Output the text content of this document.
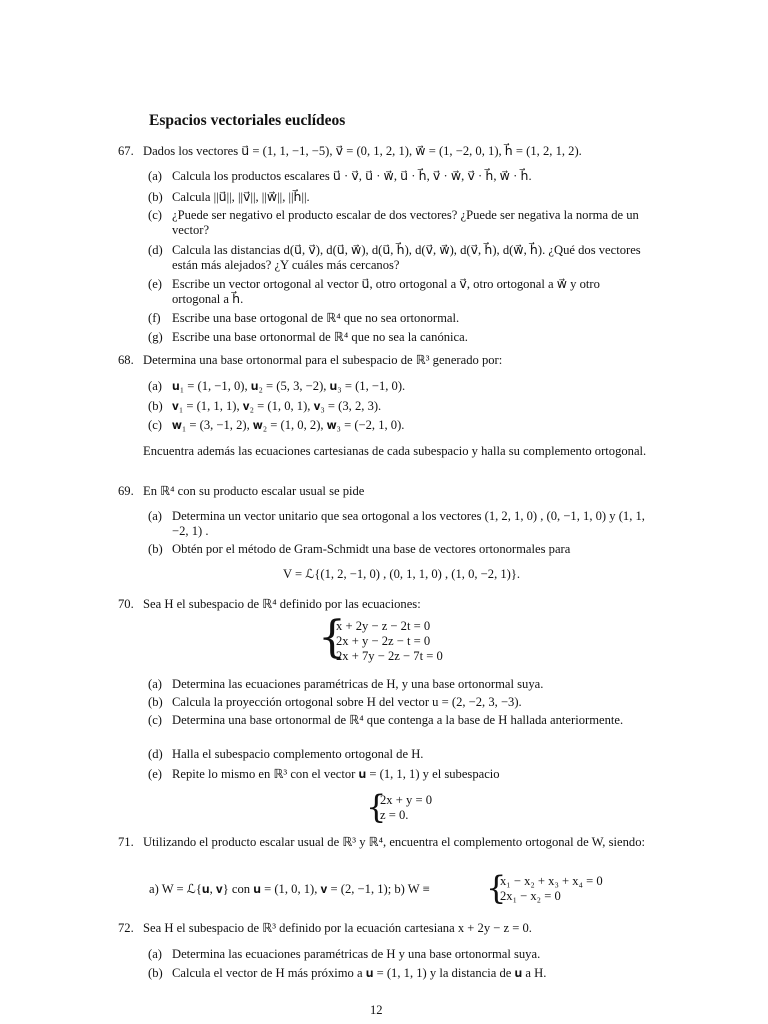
Espacios vectoriales euclídeos
67. Dados los vectores u⃗ = (1, 1, −1, −5), v⃗ = (0, 1, 2, 1), w⃗ = (1, −2, 0, 1), h⃗ = (1, 2, 1, 2).
(a) Calcula los productos escalares u⃗ · v⃗, u⃗ · w⃗, u⃗ · h⃗, v⃗ · w⃗, v⃗ · h⃗, w⃗ · h⃗.
(b) Calcula ||u⃗||, ||v⃗||, ||w⃗||, ||h⃗||.
(c) ¿Puede ser negativo el producto escalar de dos vectores? ¿Puede ser negativa la norma de un vector?
(d) Calcula las distancias d(u⃗, v⃗), d(u⃗, w⃗), d(u⃗, h⃗), d(v⃗, w⃗), d(v⃗, h⃗), d(w⃗, h⃗). ¿Qué dos vectores están más alejados? ¿Y cuáles más cercanos?
(e) Escribe un vector ortogonal al vector u⃗, otro ortogonal a v⃗, otro ortogonal a w⃗ y otro ortogonal a h⃗.
(f) Escribe una base ortogonal de ℝ⁴ que no sea ortonormal.
(g) Escribe una base ortonormal de ℝ⁴ que no sea la canónica.
68. Determina una base ortonormal para el subespacio de ℝ³ generado por:
(a) 𝐮₁ = (1, −1, 0), 𝐮₂ = (5, 3, −2), 𝐮₃ = (1, −1, 0).
(b) 𝐯₁ = (1, 1, 1), 𝐯₂ = (1, 0, 1), 𝐯₃ = (3, 2, 3).
(c) 𝐰₁ = (3, −1, 2), 𝐰₂ = (1, 0, 2), 𝐰₃ = (−2, 1, 0).
Encuentra además las ecuaciones cartesianas de cada subespacio y halla su complemento ortogonal.
69. En ℝ⁴ con su producto escalar usual se pide
(a) Determina un vector unitario que sea ortogonal a los vectores (1, 2, 1, 0) , (0, −1, 1, 0) y (1, 1, −2, 1) .
(b) Obtén por el método de Gram-Schmidt una base de vectores ortonormales para
V = ℒ{(1, 2, −1, 0) , (0, 1, 1, 0) , (1, 0, −2, 1)}.
70. Sea H el subespacio de ℝ⁴ definido por las ecuaciones:
{
x + 2y − z − 2t = 0
2x + y − 2z − t = 0
2x + 7y − 2z − 7t = 0
(a) Determina las ecuaciones paramétricas de H, y una base ortonormal suya.
(b) Calcula la proyección ortogonal sobre H del vector u = (2, −2, 3, −3).
(c) Determina una base ortonormal de ℝ⁴ que contenga a la base de H hallada anteriormente.
(d) Halla el subespacio complemento ortogonal de H.
(e) Repite lo mismo en ℝ³ con el vector 𝐮 = (1, 1, 1) y el subespacio
{
2x + y = 0
z = 0.
71. Utilizando el producto escalar usual de ℝ³ y ℝ⁴, encuentra el complemento ortogonal de W, siendo:
a) W = ℒ{𝐮, 𝐯} con 𝐮 = (1, 0, 1), 𝐯 = (2, −1, 1); b) W ≡ {
x₁ − x₂ + x₃ + x₄ = 0
2x₁ − x₂ = 0
72. Sea H el subespacio de ℝ³ definido por la ecuación cartesiana x + 2y − z = 0.
(a) Determina las ecuaciones paramétricas de H y una base ortonormal suya.
(b) Calcula el vector de H más próximo a 𝐮 = (1, 1, 1) y la distancia de 𝐮 a H.
12
